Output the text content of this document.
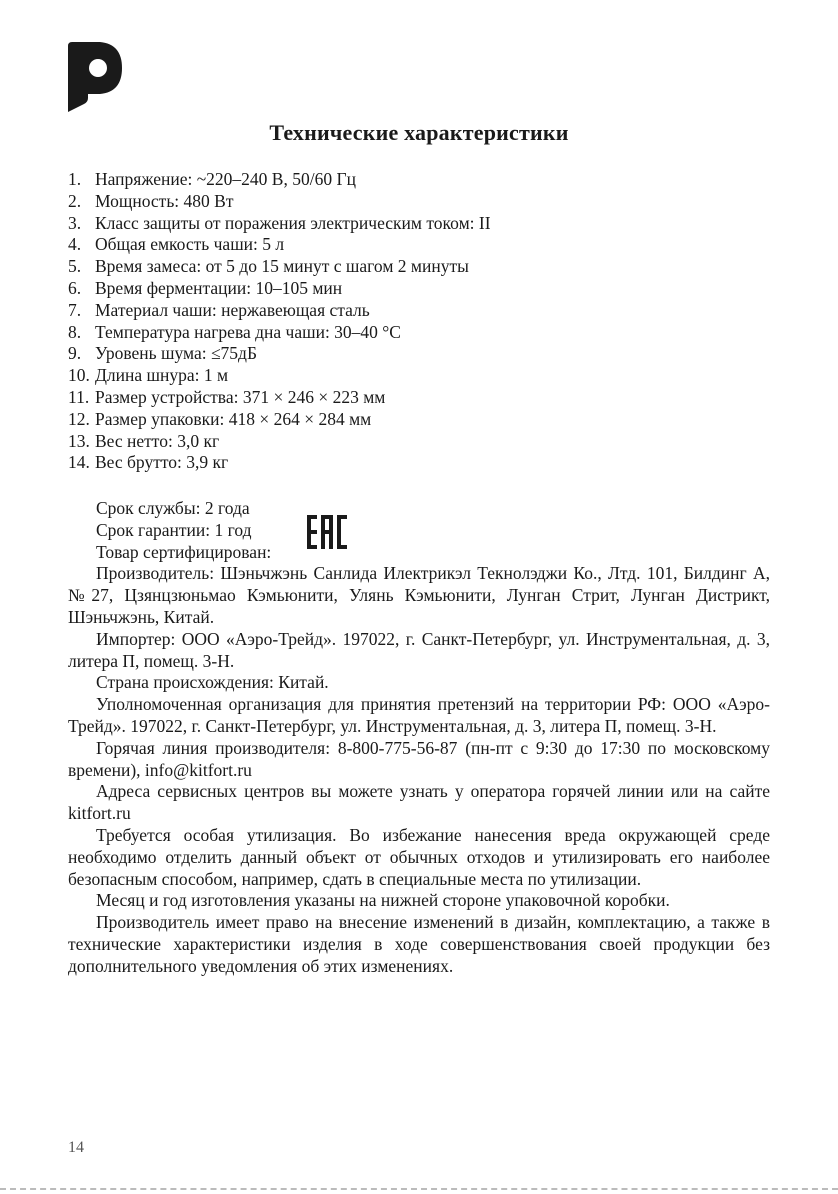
Технические характеристики
1. Напряжение: ~220–240 В, 50/60 Гц
2. Мощность: 480 Вт
3. Класс защиты от поражения электрическим током: II
4. Общая емкость чаши: 5 л
5. Время замеса: от 5 до 15 минут с шагом 2 минуты
6. Время ферментации: 10–105 мин
7. Материал чаши: нержавеющая сталь
8. Температура нагрева дна чаши: 30–40 °С
9. Уровень шума: ≤75дБ
10. Длина шнура: 1 м
11. Размер устройства: 371 × 246 × 223 мм
12. Размер упаковки: 418 × 264 × 284 мм
13. Вес нетто: 3,0 кг
14. Вес брутто: 3,9 кг
Срок службы: 2 года
Срок гарантии: 1 год
Товар сертифицирован:

Производитель: Шэньчжэнь Санлида Илектрикэл Текнолэджи Ко., Лтд. 101, Билдинг А, №27, Цзянцзюньмао Кэмьюнити, Улянь Кэмьюнити, Лунган Стрит, Лунган Дистрикт, Шэньчжэнь, Китай.

Импортер: ООО «Аэро-Трейд». 197022, г. Санкт-Петербург, ул. Инструментальная, д. 3, литера П, помещ. 3-Н.

Страна происхождения: Китай.

Уполномоченная организация для принятия претензий на территории РФ: ООО «Аэро-Трейд». 197022, г. Санкт-Петербург, ул. Инструментальная, д. 3, литера П, помещ. 3-Н.

Горячая линия производителя: 8-800-775-56-87 (пн-пт с 9:30 до 17:30 по московскому времени), info@kitfort.ru

Адреса сервисных центров вы можете узнать у оператора горячей линии или на сайте kitfort.ru

Требуется особая утилизация. Во избежание нанесения вреда окружающей среде необходимо отделить данный объект от обычных отходов и утилизировать его наиболее безопасным способом, например, сдать в специальные места по утилизации.

Месяц и год изготовления указаны на нижней стороне упаковочной коробки.

Производитель имеет право на внесение изменений в дизайн, комплектацию, а также в технические характеристики изделия в ходе совершенствования своей продукции без дополнительного уведомления об этих изменениях.

14
